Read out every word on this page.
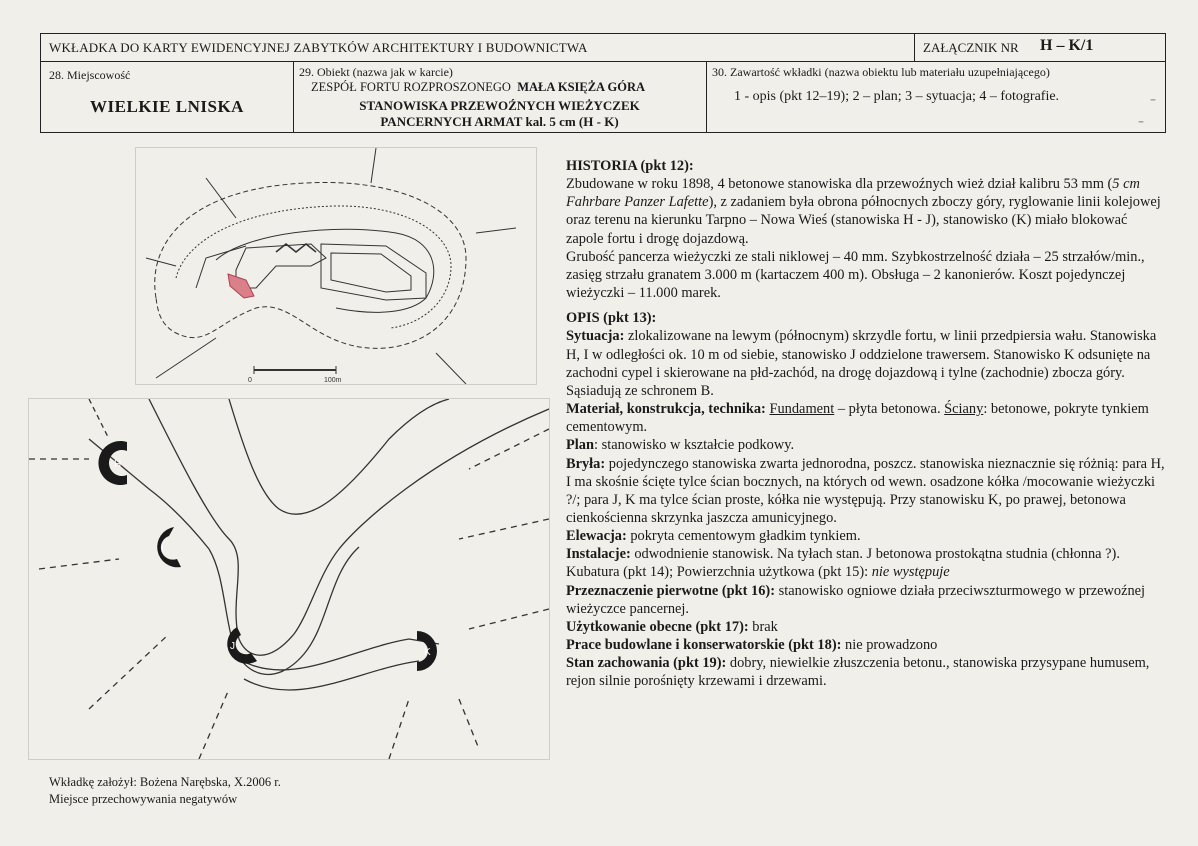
WKŁADKA DO KARTY EWIDENCYJNEJ ZABYTKÓW ARCHITEKTURY I BUDOWNICTWA	ZAŁĄCZNIK NR H – K/1
28. Miejscowość
WIELKIE LNISKA
29. Obiekt (nazwa jak w karcie)
ZESPÓŁ FORTU ROZPROSZONEGO MAŁA KSIĘŻA GÓRA
STANOWISKA PRZEWOŹNYCH WIEŻYCZEK
PANCERNYCH ARMAT kal. 5 cm (H - K)
30. Zawartość wkładki (nazwa obiektu lub materiału uzupełniającego)
1 - opis (pkt 12–19); 2 – plan; 3 – sytuacja; 4 – fotografie.	‐
‐
0	100m
H
I
J
K

HISTORIA (pkt 12):

Zbudowane w roku 1898, 4 betonowe stanowiska dla przewoźnych wież dział kalibru 53 mm (5 cm Fahrbare Panzer Lafette), z zadaniem była obrona północnych zboczy góry, ryglowanie linii kolejowej oraz terenu na kierunku Tarpno – Nowa Wieś (stanowiska H - J), stanowisko (K) miało blokować zapole fortu i drogę dojazdową.

Grubość pancerza wieżyczki ze stali niklowej – 40 mm. Szybkostrzelność działa – 25 strzałów/min., zasięg strzału granatem 3.000 m (kartaczem 400 m). Obsługa – 2 kanonierów. Koszt pojedynczej wieżyczki – 11.000 marek.

OPIS (pkt 13):

Sytuacja: zlokalizowane na lewym (północnym) skrzydle fortu, w linii przedpiersia wału. Stanowiska H, I w odległości ok. 10 m od siebie, stanowisko J oddzielone trawersem. Stanowisko K odsunięte na zachodni cypel i skierowane na płd-zachód, na drogę dojazdową i tylne (zachodnie) zbocza góry. Sąsiadują ze schronem B.

Materiał, konstrukcja, technika: Fundament – płyta betonowa. Ściany: betonowe, pokryte tynkiem cementowym.

Plan: stanowisko w kształcie podkowy.

Bryła: pojedynczego stanowiska zwarta jednorodna, poszcz. stanowiska nieznacznie się różnią: para H, I ma skośnie ścięte tylce ścian bocznych, na których od wewn. osadzone kółka /mocowanie wieżyczki ?/; para J, K ma tylce ścian proste, kółka nie występują. Przy stanowisku K, po prawej, betonowa cienkościenna skrzynka jaszcza amunicyjnego.

Elewacja: pokryta cementowym gładkim tynkiem.

Instalacje: odwodnienie stanowisk. Na tyłach stan. J betonowa prostokątna studnia (chłonna ?).

Kubatura (pkt 14); Powierzchnia użytkowa (pkt 15): nie występuje

Przeznaczenie pierwotne (pkt 16): stanowisko ogniowe działa przeciwszturmowego w przewoźnej wieżyczce pancernej.

Użytkowanie obecne (pkt 17): brak

Prace budowlane i konserwatorskie (pkt 18): nie prowadzono

Stan zachowania (pkt 19): dobry, niewielkie złuszczenia betonu., stanowiska przysypane humusem, rejon silnie porośnięty krzewami i drzewami.

Wkładkę założył: Bożena Narębska, X.2006 r.
Miejsce przechowywania negatywów
